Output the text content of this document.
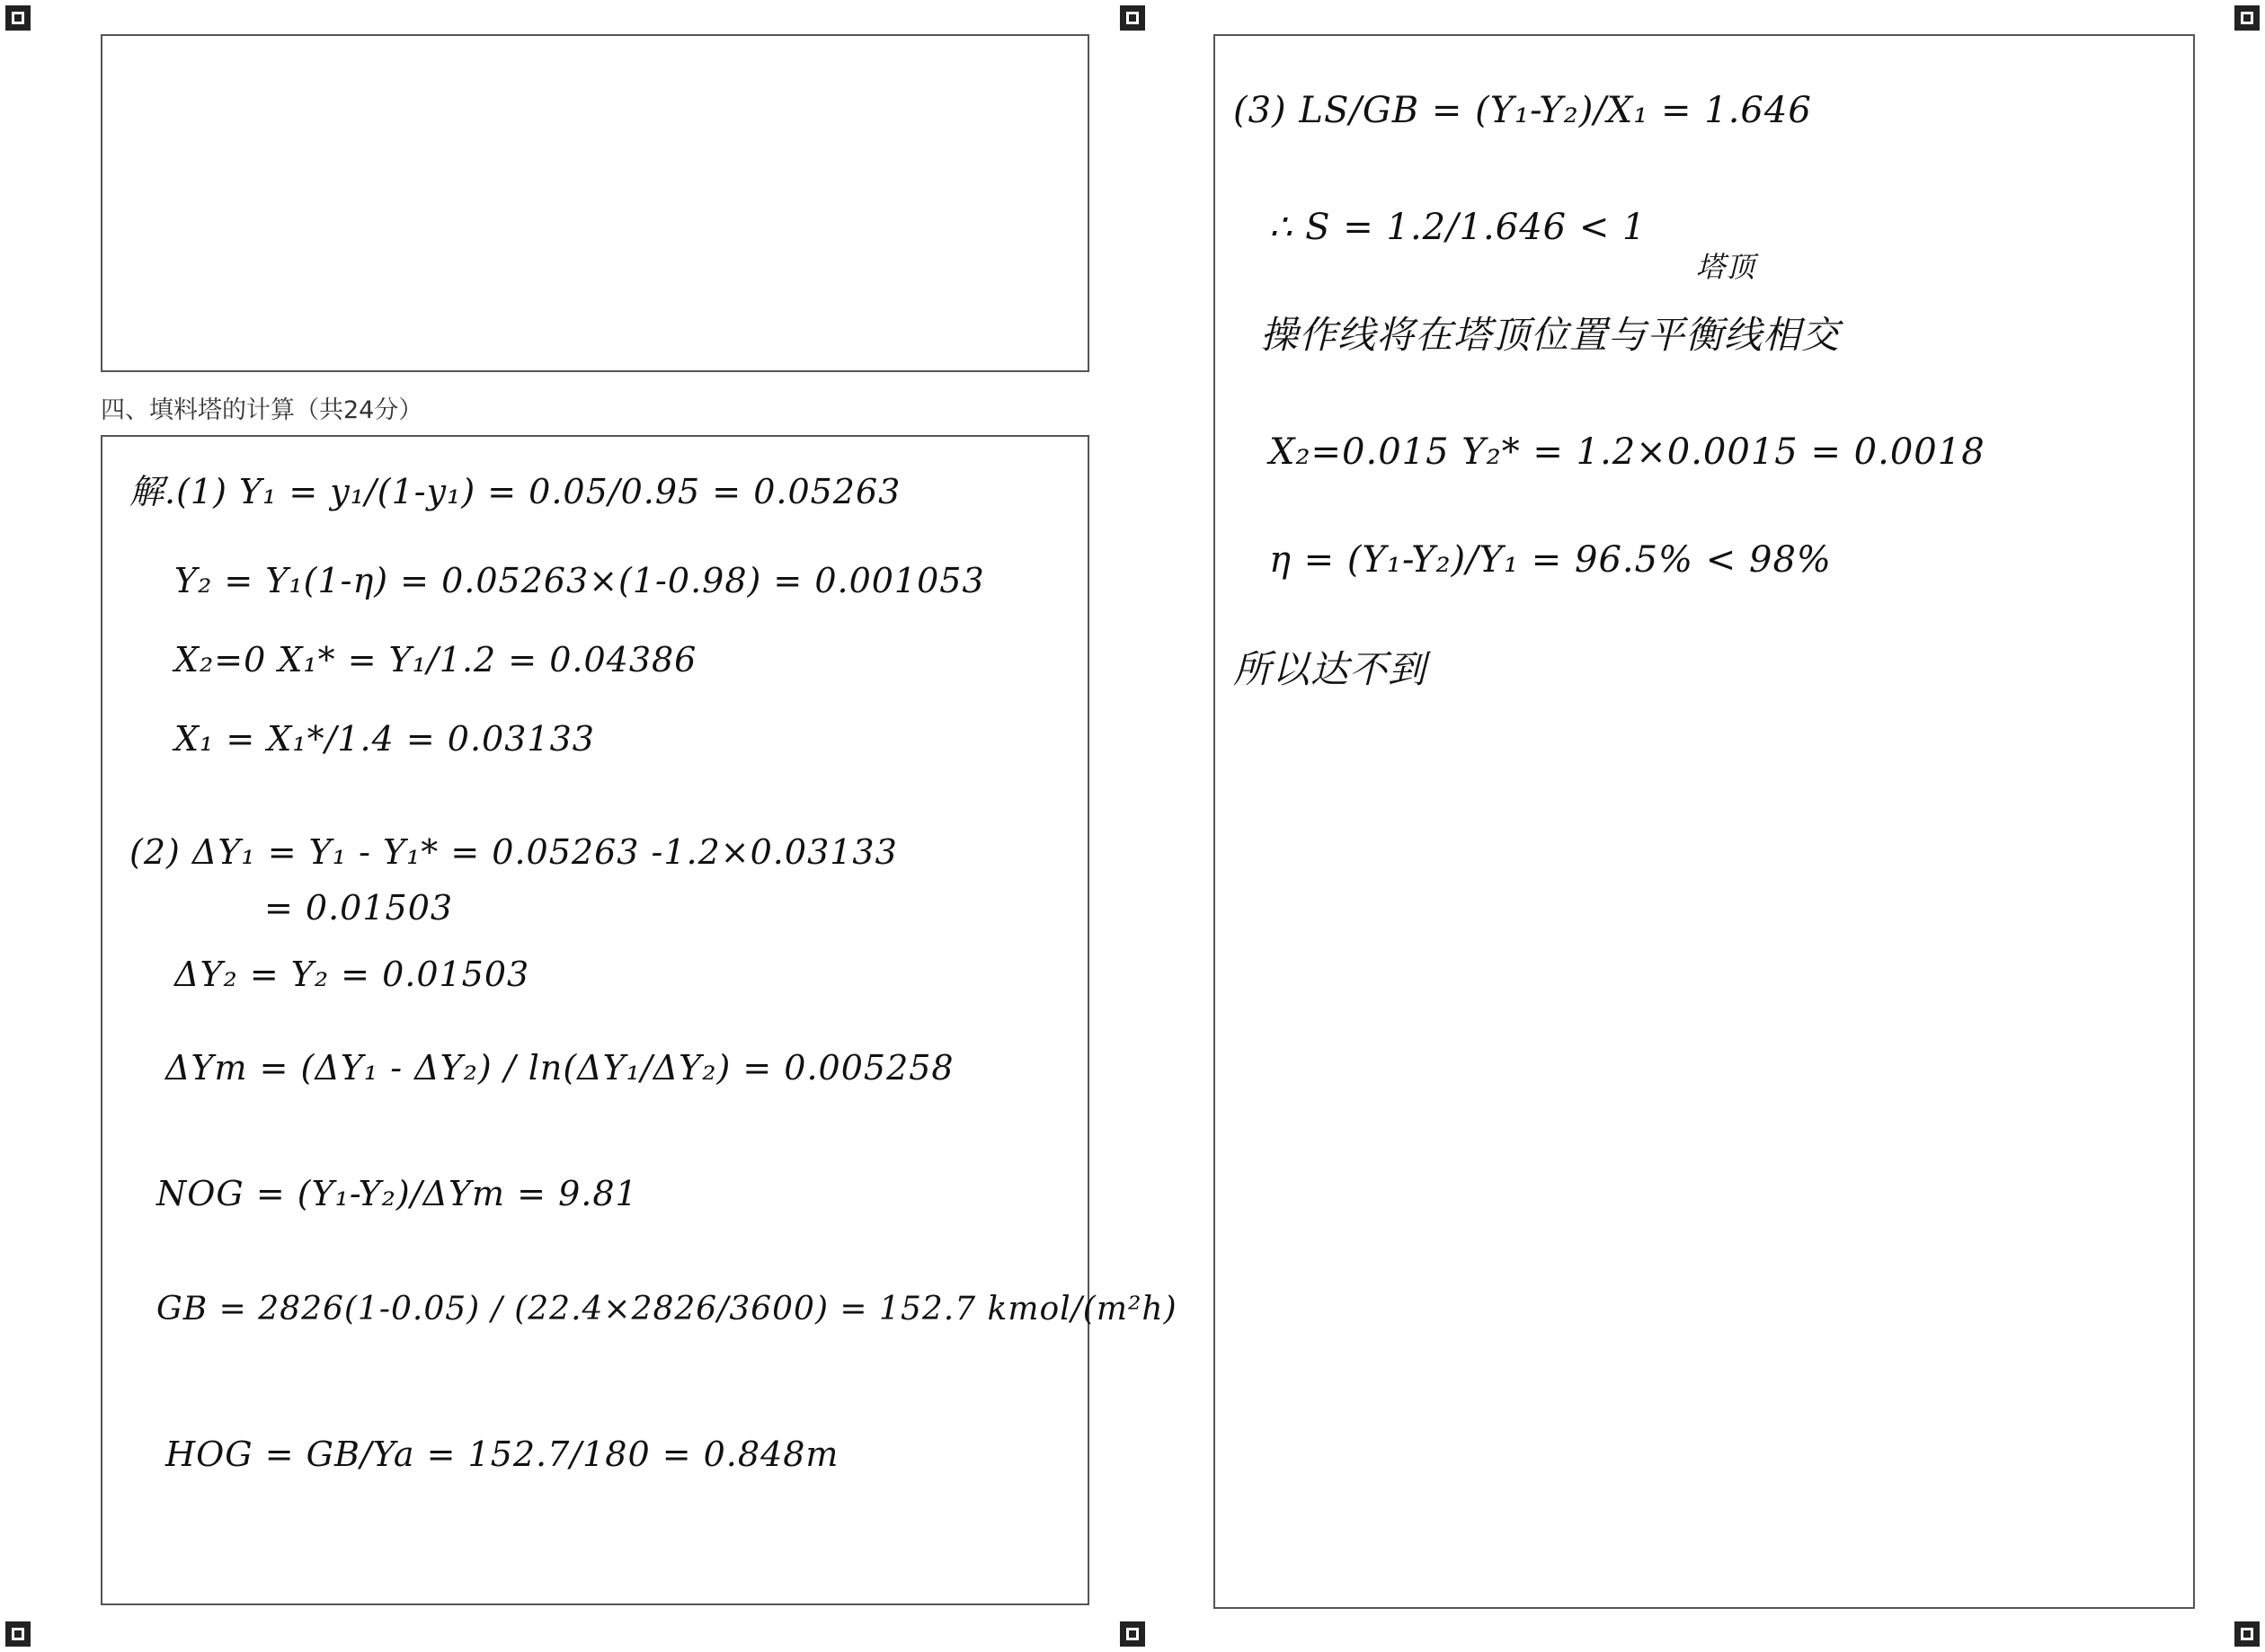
四、填料塔的计算（共24分）
解.(1) Y₁ = y₁/(1-y₁) = 0.05/0.95 = 0.05263
Y₂ = Y₁(1-η) = 0.05263×(1-0.98) = 0.001053
X₂=0 X₁* = Y₁/1.2 = 0.04386
X₁ = X₁*/1.4 = 0.03133
(2) ΔY₁ = Y₁ - Y₁* = 0.05263 -1.2×0.03133
= 0.01503
ΔY₂ = Y₂ = 0.01503
ΔYm = (ΔY₁ - ΔY₂) / ln(ΔY₁/ΔY₂) = 0.005258
NOG = (Y₁-Y₂)/ΔYm = 9.81
GB = 2826(1-0.05) / (22.4×2826/3600) = 152.7 kmol/(m²h)
HOG = GB/Ya = 152.7/180 = 0.848m
(3) LS/GB = (Y₁-Y₂)/X₁ = 1.646
∴ S = 1.2/1.646 < 1
操作线将在塔顶位置与平衡线相交
塔顶
X₂=0.015 Y₂* = 1.2×0.0015 = 0.0018
η = (Y₁-Y₂)/Y₁ = 96.5% < 98%
所以达不到
